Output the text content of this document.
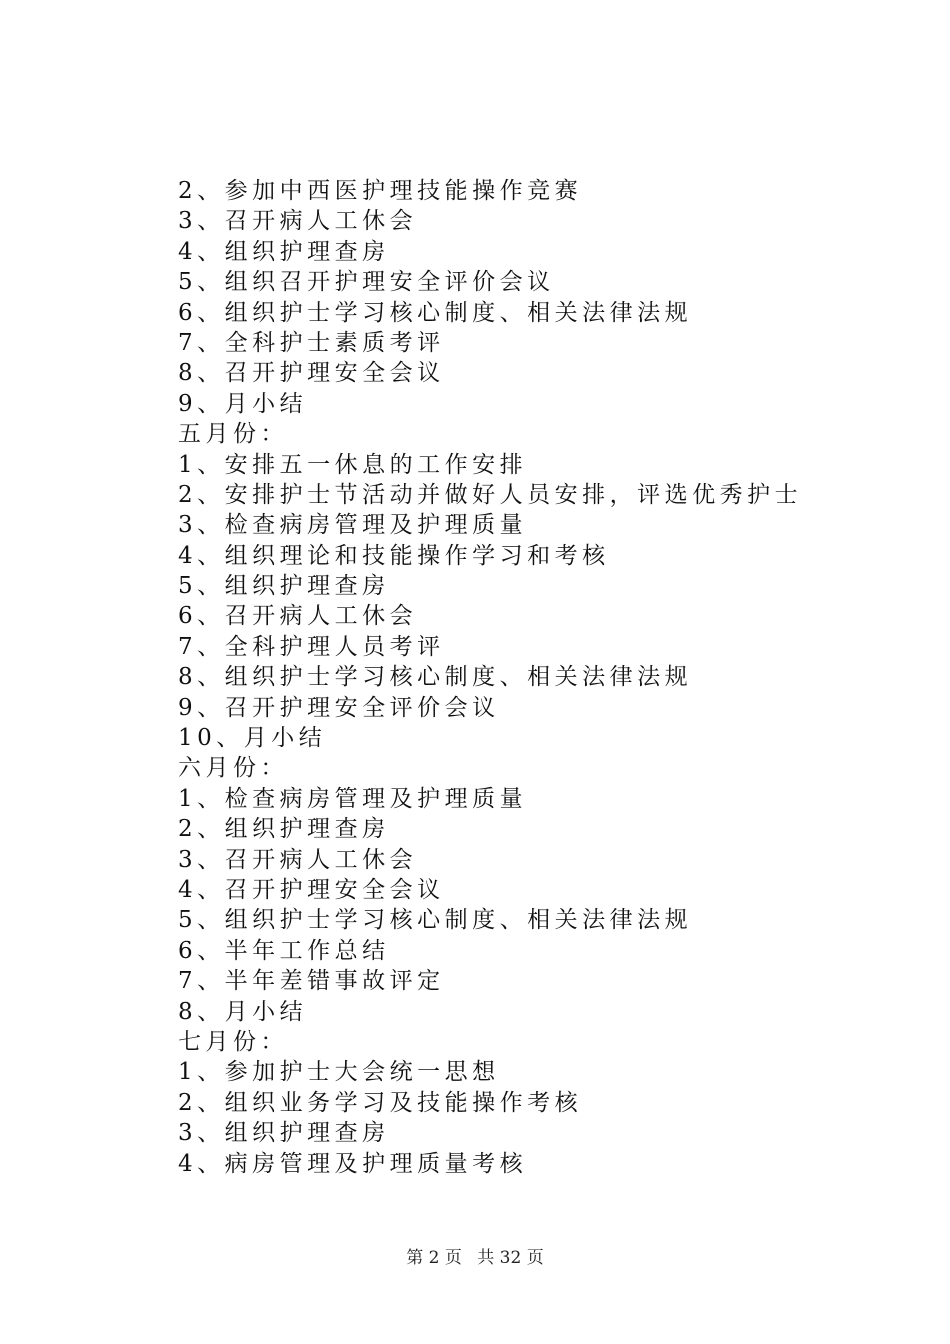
2、参加中西医护理技能操作竞赛
3、召开病人工休会
4、组织护理查房
5、组织召开护理安全评价会议
6、组织护士学习核心制度、相关法律法规
7、全科护士素质考评
8、召开护理安全会议
9、月小结
五月份：
1、安排五一休息的工作安排
2、安排护士节活动并做好人员安排，评选优秀护士
3、检查病房管理及护理质量
4、组织理论和技能操作学习和考核
5、组织护理查房
6、召开病人工休会
7、全科护理人员考评
8、组织护士学习核心制度、相关法律法规
9、召开护理安全评价会议
10、月小结
六月份：
1、检查病房管理及护理质量
2、组织护理查房
3、召开病人工休会
4、召开护理安全会议
5、组织护士学习核心制度、相关法律法规
6、半年工作总结
7、半年差错事故评定
8、月小结
七月份：
1、参加护士大会统一思想
2、组织业务学习及技能操作考核
3、组织护理查房
4、病房管理及护理质量考核
第 2 页 共 32 页
